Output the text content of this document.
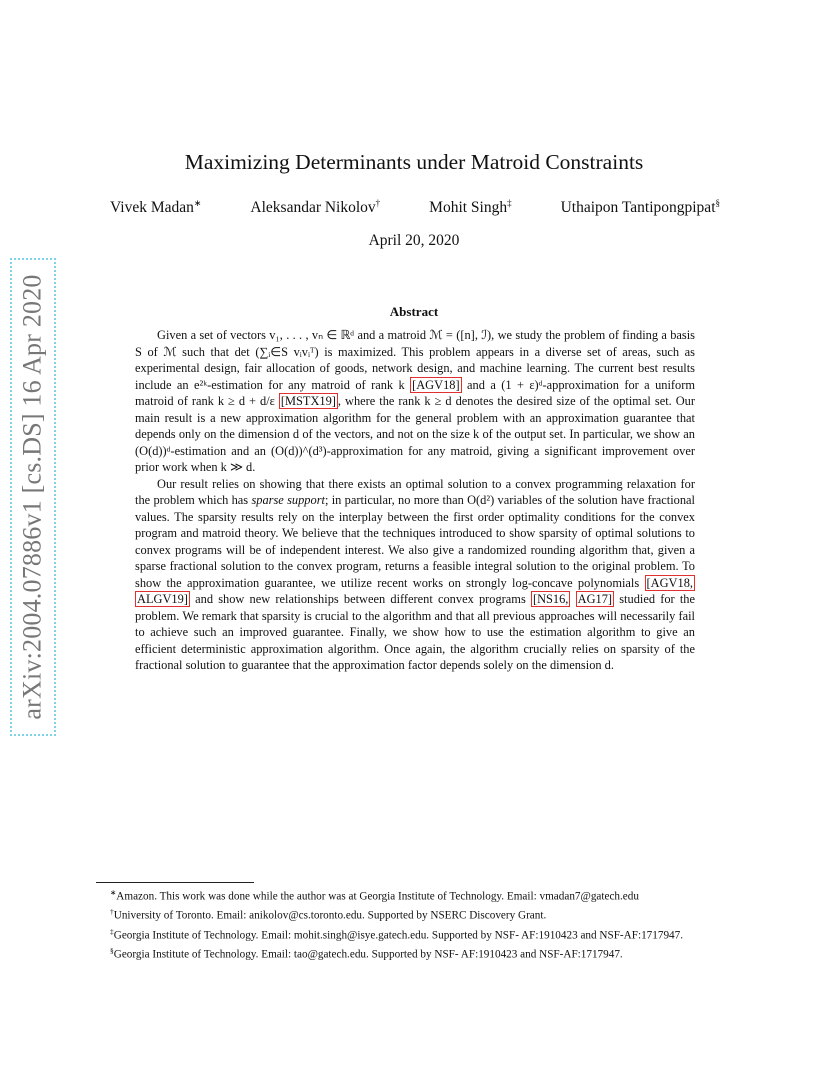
arXiv:2004.07886v1 [cs.DS] 16 Apr 2020
Maximizing Determinants under Matroid Constraints
Vivek Madan∗	Aleksandar Nikolov†	Mohit Singh‡	Uthaipon Tantipongpipat§
April 20, 2020
Abstract

Given a set of vectors v₁, . . . , vₙ ∈ ℝᵈ and a matroid ℳ = ([n], ℐ), we study the problem of finding a basis S of ℳ such that det (∑ᵢ∈S vᵢvᵢᵀ) is maximized. This problem appears in a diverse set of areas, such as experimental design, fair allocation of goods, network design, and machine learning. The current best results include an e²ᵏ-estimation for any matroid of rank k [AGV18] and a (1 + ε)ᵈ-approximation for a uniform matroid of rank k ≥ d + d/ε [MSTX19] , where the rank k ≥ d denotes the desired size of the optimal set. Our main result is a new approximation algorithm for the general problem with an approximation guarantee that depends only on the dimension d of the vectors, and not on the size k of the output set. In particular, we show an (O(d))ᵈ-estimation and an (O(d))^(d³)-approximation for any matroid, giving a significant improvement over prior work when k ≫ d.

Our result relies on showing that there exists an optimal solution to a convex programming relaxation for the problem which has sparse support; in particular, no more than O(d²) variables of the solution have fractional values. The sparsity results rely on the interplay between the first order optimality conditions for the convex program and matroid theory. We believe that the techniques introduced to show sparsity of optimal solutions to convex programs will be of independent interest. We also give a randomized rounding algorithm that, given a sparse fractional solution to the convex program, returns a feasible integral solution to the original problem. To show the approximation guarantee, we utilize recent works on strongly log-concave polynomials [AGV18, ALGV19] and show new relationships between different convex programs [NS16, AG17] studied for the problem. We remark that sparsity is crucial to the algorithm and that all previous approaches will necessarily fail to achieve such an improved guarantee. Finally, we show how to use the estimation algorithm to give an efficient deterministic approximation algorithm. Once again, the algorithm crucially relies on sparsity of the fractional solution to guarantee that the approximation factor depends solely on the dimension d.

∗Amazon. This work was done while the author was at Georgia Institute of Technology. Email: vmadan7@gatech.edu

†University of Toronto. Email: anikolov@cs.toronto.edu. Supported by NSERC Discovery Grant.

‡Georgia Institute of Technology. Email: mohit.singh@isye.gatech.edu. Supported by NSF- AF:1910423 and NSF-AF:1717947.

§Georgia Institute of Technology. Email: tao@gatech.edu. Supported by NSF- AF:1910423 and NSF-AF:1717947.
